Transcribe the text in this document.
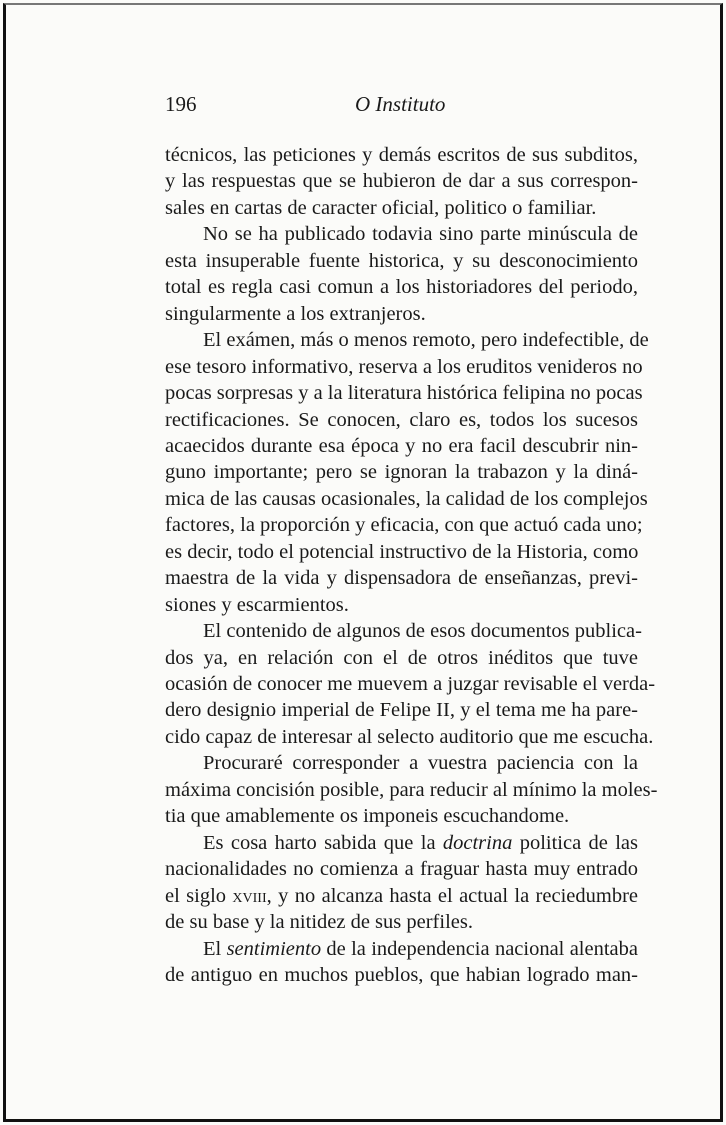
196	O Instituto
técnicos, las peticiones y demás escritos de sus subditos,
y las respuestas que se hubieron de dar a sus correspon-
sales en cartas de caracter oficial, politico o familiar.
No se ha publicado todavia sino parte minúscula de
esta insuperable fuente historica, y su desconocimiento
total es regla casi comun a los historiadores del periodo,
singularmente a los extranjeros.
El exámen, más o menos remoto, pero indefectible, de
ese tesoro informativo, reserva a los eruditos venideros no
pocas sorpresas y a la literatura histórica felipina no pocas
rectificaciones. Se conocen, claro es, todos los sucesos
acaecidos durante esa época y no era facil descubrir nin-
guno importante; pero se ignoran la trabazon y la diná-
mica de las causas ocasionales, la calidad de los complejos
factores, la proporción y eficacia, con que actuó cada uno;
es decir, todo el potencial instructivo de la Historia, como
maestra de la vida y dispensadora de enseñanzas, previ-
siones y escarmientos.
El contenido de algunos de esos documentos publica-
dos ya, en relación con el de otros inéditos que tuve
ocasión de conocer me muevem a juzgar revisable el verda-
dero designio imperial de Felipe II, y el tema me ha pare-
cido capaz de interesar al selecto auditorio que me escucha.
Procuraré corresponder a vuestra paciencia con la
máxima concisión posible, para reducir al mínimo la moles-
tia que amablemente os imponeis escuchandome.
Es cosa harto sabida que la doctrina politica de las
nacionalidades no comienza a fraguar hasta muy entrado
el siglo xviii, y no alcanza hasta el actual la reciedumbre
de su base y la nitidez de sus perfiles.
El sentimiento de la independencia nacional alentaba
de antiguo en muchos pueblos, que habian logrado man-
